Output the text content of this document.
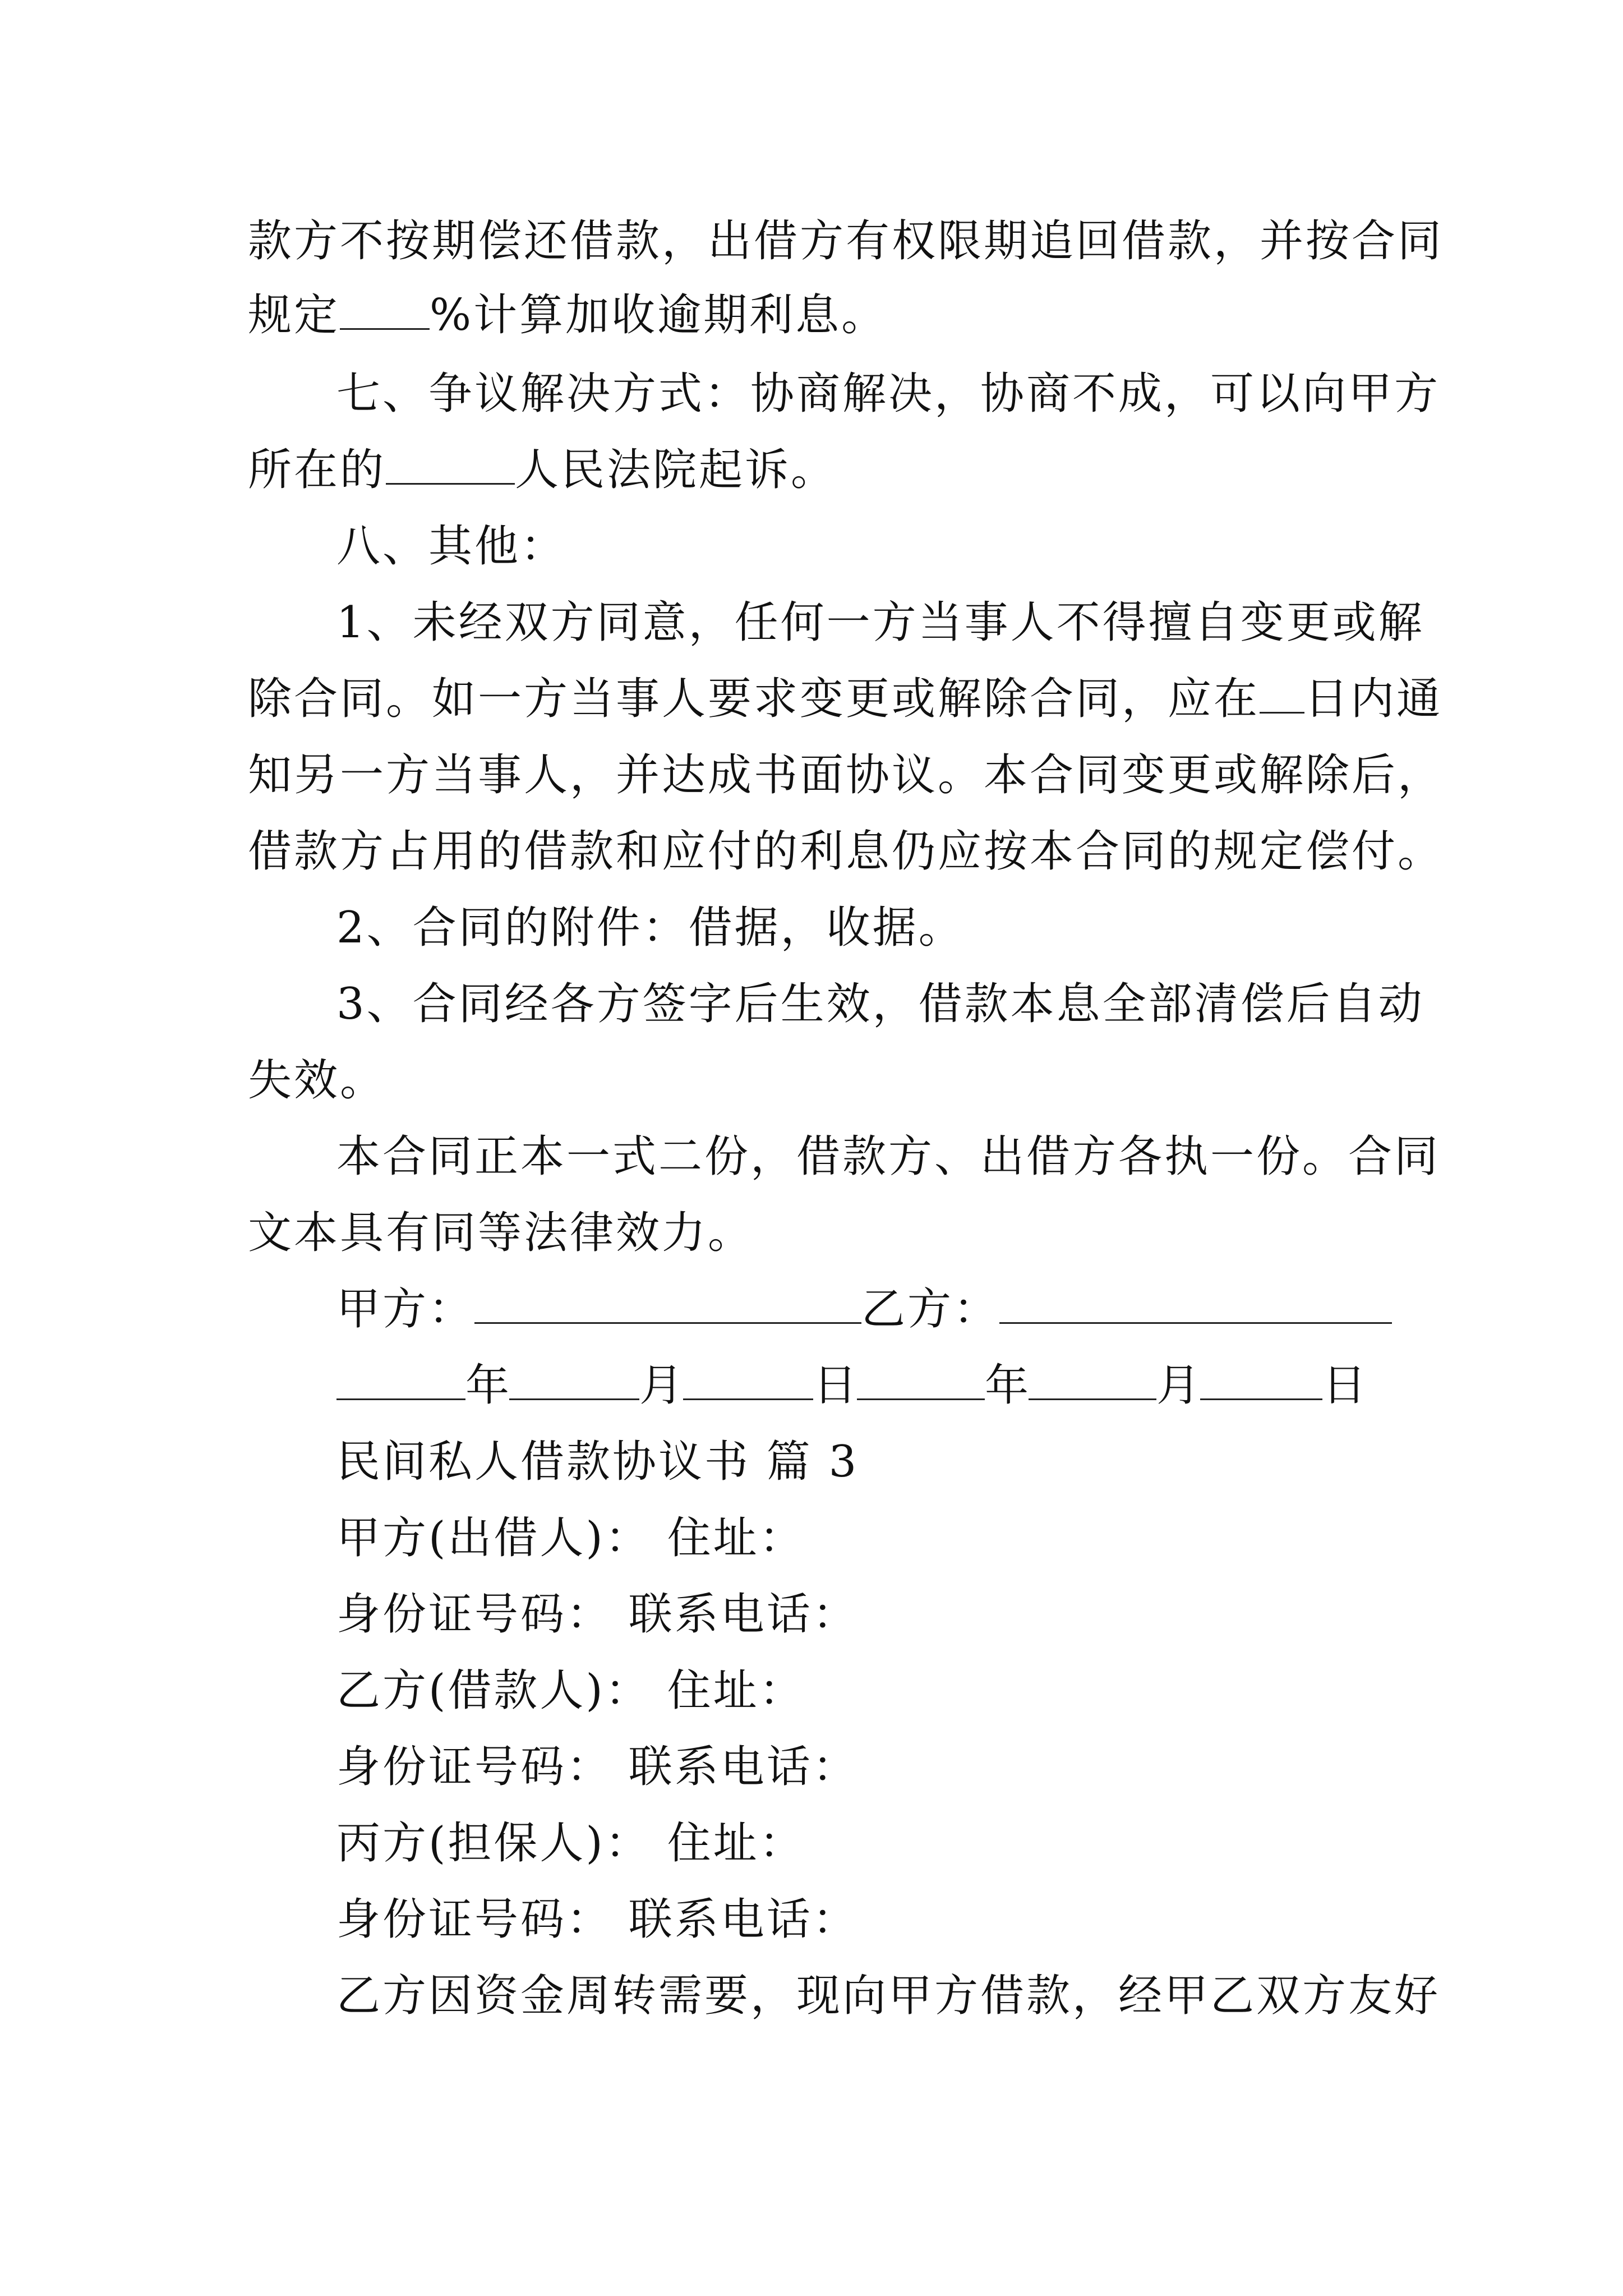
款方不按期偿还借款，出借方有权限期追回借款，并按合同
规定 %计算加收逾期利息。
七、争议解决方式：协商解决，协商不成，可以向甲方
所在的	人民法院起诉。
八、其他：
1、未经双方同意，任何一方当事人不得擅自变更或解
除合同。如一方当事人要求变更或解除合同，应在 日内通
知另一方当事人，并达成书面协议。本合同变更或解除后，
借款方占用的借款和应付的利息仍应按本合同的规定偿付。
2、合同的附件：借据，收据。
3、合同经各方签字后生效，借款本息全部清偿后自动
失效。
本合同正本一式二份，借款方、出借方各执一份。合同
文本具有同等法律效力。
甲方：	乙方：
年	月	日	年	月	日
民间私人借款协议书 篇 3
甲方(出借人)： 住址：
身份证号码： 联系电话：
乙方(借款人)： 住址：
身份证号码： 联系电话：
丙方(担保人)： 住址：
身份证号码： 联系电话：
乙方因资金周转需要，现向甲方借款，经甲乙双方友好
